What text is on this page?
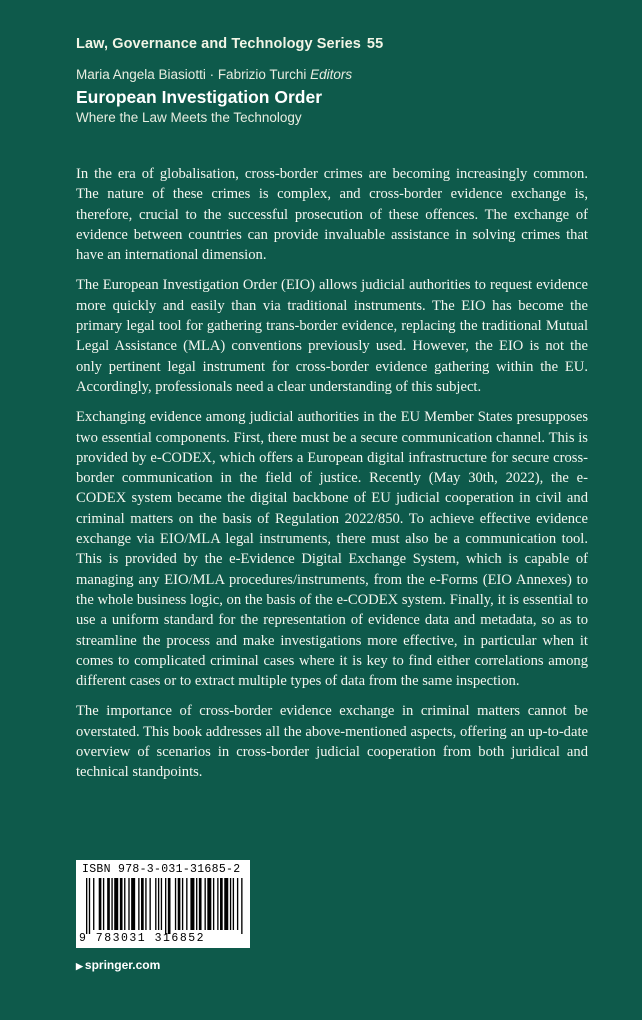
Law, Governance and Technology Series 55
Maria Angela Biasiotti · Fabrizio Turchi Editors
European Investigation Order
Where the Law Meets the Technology

In the era of globalisation, cross-border crimes are becoming increasingly common. The nature of these crimes is complex, and cross-border evidence exchange is, therefore, crucial to the successful prosecution of these offences. The exchange of evidence between countries can provide invaluable assistance in solving crimes that have an international dimension.

The European Investigation Order (EIO) allows judicial authorities to request evidence more quickly and easily than via traditional instruments. The EIO has become the primary legal tool for gathering trans-border evidence, replacing the traditional Mutual Legal Assistance (MLA) conventions previously used. However, the EIO is not the only pertinent legal instrument for cross-border evidence gathering within the EU. Accordingly, professionals need a clear understanding of this subject.

Exchanging evidence among judicial authorities in the EU Member States presupposes two essential components. First, there must be a secure communication channel. This is provided by e-CODEX, which offers a European digital infrastructure for secure cross-border communication in the field of justice. Recently (May 30th, 2022), the e-CODEX system became the digital backbone of EU judicial cooperation in civil and criminal matters on the basis of Regulation 2022/850. To achieve effective evidence exchange via EIO/MLA legal instruments, there must also be a communication tool. This is provided by the e-Evidence Digital Exchange System, which is capable of managing any EIO/MLA procedures/instruments, from the e-Forms (EIO Annexes) to the whole business logic, on the basis of the e-CODEX system. Finally, it is essential to use a uniform standard for the representation of evidence data and metadata, so as to streamline the process and make investigations more effective, in particular when it comes to complicated criminal cases where it is key to find either correlations among different cases or to extract multiple types of data from the same inspection.

The importance of cross-border evidence exchange in criminal matters cannot be overstated. This book addresses all the above-mentioned aspects, offering an up-to-date overview of scenarios in cross-border judicial cooperation from both juridical and technical standpoints.

ISBN 978-3-031-31685-2
9 783031 316852
▶ springer.com
